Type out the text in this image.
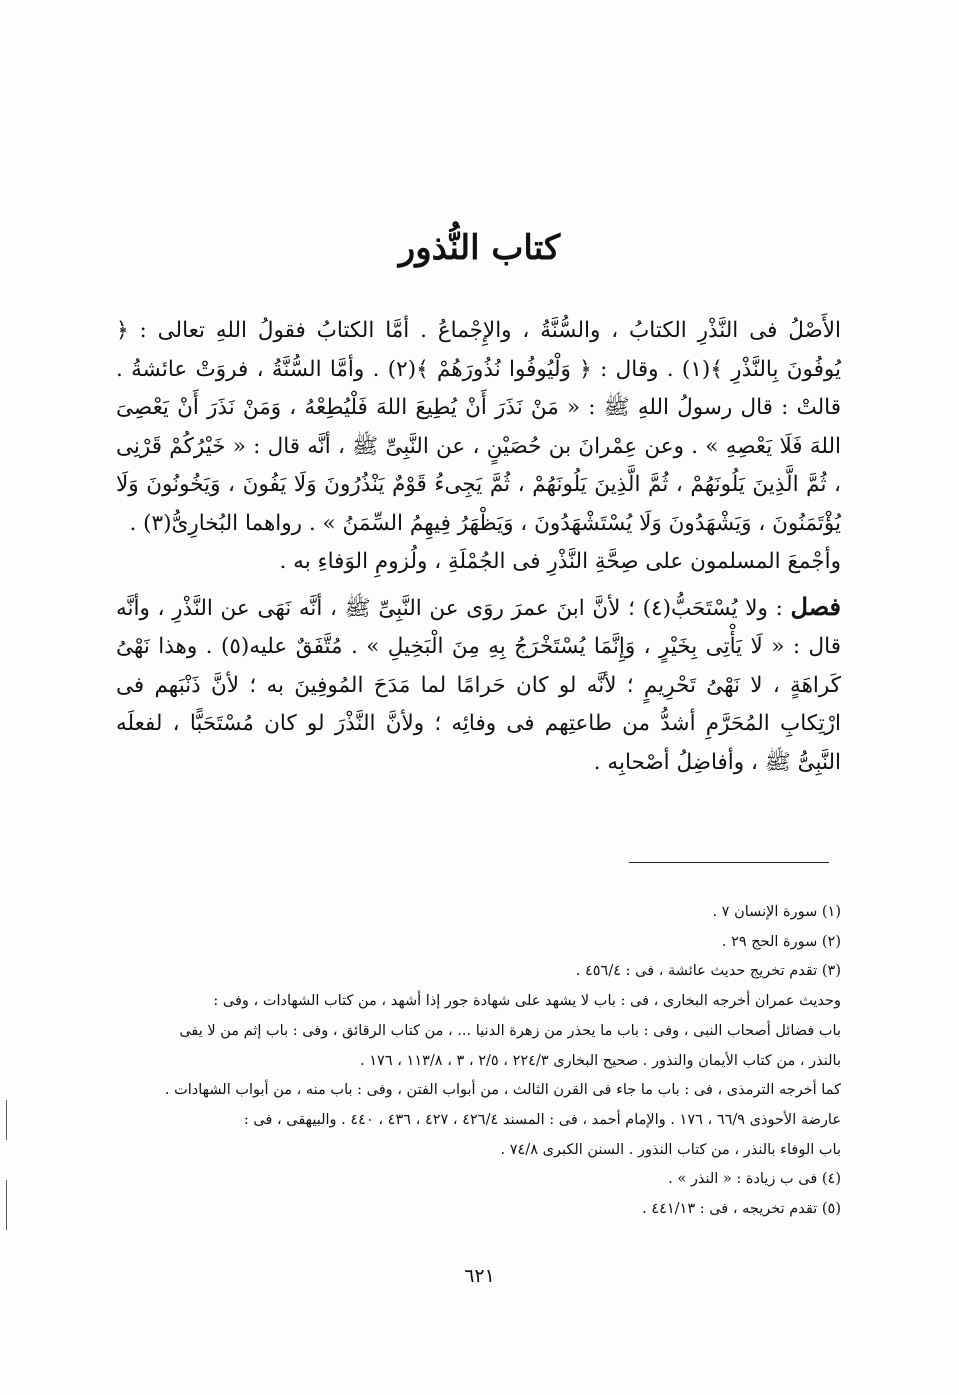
كتاب النُّذور

الأَصْلُ فى النَّذْرِ الكتابُ ، والسُّنَّةُ ، والإِجْماعُ . أمَّا الكتابُ فقولُ اللهِ تعالى : ﴿ يُوفُونَ بِالنَّذْرِ ﴾(١) . وقال : ﴿ وَلْيُوفُوا نُذُورَهُمْ ﴾(٢) . وأمَّا السُّنَّةُ ، فروَتْ عائشةُ . قالتْ : قال رسولُ اللهِ ﷺ : « مَنْ نَذَرَ أَنْ يُطِيعَ اللهَ فَلْيُطِعْهُ ، وَمَنْ نَذَرَ أَنْ يَعْصِىَ اللهَ فَلَا يَعْصِهِ » . وعن عِمْرانَ بن حُصَيْنٍ ، عن النَّبِىِّ ﷺ ، أنَّه قال : « خَيْرُكُمْ قَرْنِى ، ثُمَّ الَّذِينَ يَلُونَهُمْ ، ثُمَّ الَّذِينَ يَلُونَهُمْ ، ثُمَّ يَجِىءُ قَوْمٌ يَنْذُرُونَ وَلَا يَفُونَ ، وَيَخُونُونَ وَلَا يُؤْتَمَنُونَ ، وَيَشْهَدُونَ وَلَا يُسْتَشْهَدُونَ ، وَيَظْهَرُ فِيهِمُ السِّمَنُ » . رواهما البُخارِىُّ(٣) .

وأجْمعَ المسلمون على صِحَّةِ النَّذْرِ فى الجُمْلَةِ ، ولُزومِ الوَفاءِ به .

فصل : ولا يُسْتَحَبُّ(٤) ؛ لأنَّ ابنَ عمرَ روَى عن النَّبِىِّ ﷺ ، أنَّه نَهَى عن النَّذْرِ ، وأنَّه قال : « لَا يَأْتِى بِخَيْرٍ ، وَإِنَّمَا يُسْتَخْرَجُ بِهِ مِنَ الْبَخِيلِ » . مُتَّفَقٌ عليه(٥) . وهذا نَهْىُ كَراهَةٍ ، لا نَهْىُ تَحْرِيمٍ ؛ لأنَّه لو كان حَرامًا لما مَدَحَ المُوفِينَ به ؛ لأنَّ ذَنْبَهم فى ارْتِكابِ المُحَرَّمِ أشدُّ من طاعتِهم فى وفائِه ؛ ولأنَّ النَّذْرَ لو كان مُسْتَحَبًّا ، لفعلَه النَّبِىُّ ﷺ ، وأفاضِلُ أصْحابِه .

(١) سورة الإنسان ٧ .
(٢) سورة الحج ٢٩ .
(٣) تقدم تخريج حديث عائشة ، فى : ٤٥٦/٤ .
وحديث عمران أخرجه البخارى ، فى : باب لا يشهد على شهادة جور إذا أشهد ، من كتاب الشهادات ، وفى :
باب فضائل أصحاب النبى ، وفى : باب ما يحذر من زهرة الدنيا ... ، من كتاب الرقائق ، وفى : باب إثم من لا يفى
بالنذر ، من كتاب الأيمان والنذور . صحيح البخارى ٢٢٤/٣ ، ٢/٥ ، ٣ ، ١١٣/٨ ، ١٧٦ .
كما أخرجه الترمذى ، فى : باب ما جاء فى القرن الثالث ، من أبواب الفتن ، وفى : باب منه ، من أبواب الشهادات .
عارضة الأحوذى ٦٦/٩ ، ١٧٦ . والإمام أحمد ، فى : المسند ٤٢٦/٤ ، ٤٢٧ ، ٤٣٦ ، ٤٤٠ . والبيهقى ، فى :
باب الوفاء بالنذر ، من كتاب النذور . السنن الكبرى ٧٤/٨ .
(٤) فى ب زيادة : « النذر » .
(٥) تقدم تخريجه ، فى : ٤٤١/١٣ .
٦٢١
